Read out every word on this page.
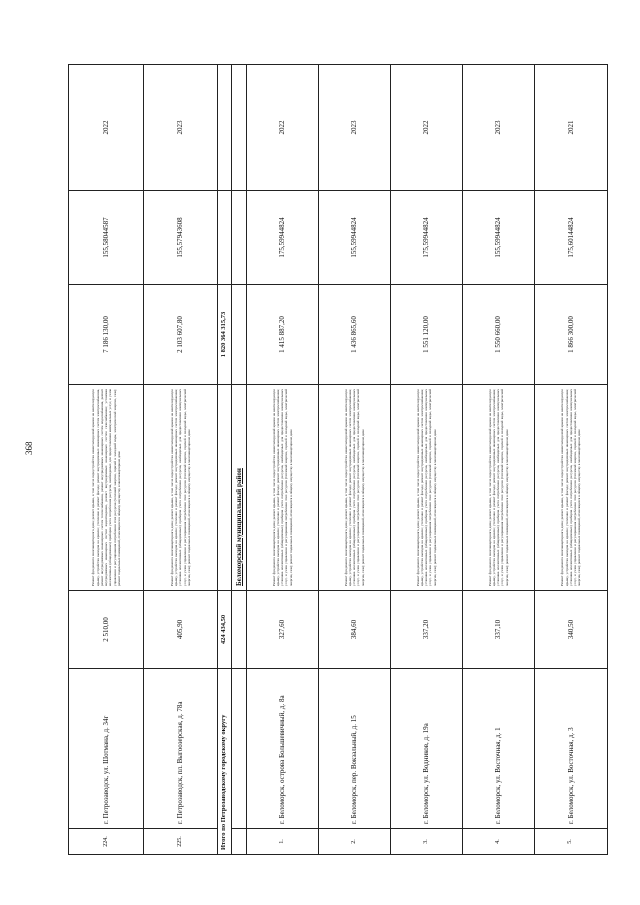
368
224.	г. Петрозаводск, ул. Шотмана, д. 34г	2 510,00	Ремонт фундамента многоквартирного дома; ремонт крыши, в том числе переустройство невентилируемой крыши на вентилируемую крышу, устройство выходов на кровлю; утепление и ремонт фасада; ремонт внутридомовых инженерных систем электроснабжения, ремонт внутридомовых инженерных систем теплоснабжения, ремонт внутридомовых инженерных систем водоснабжения, ремонт внутридомовых инженерных систем водоотведения, ремонт внутридомовых инженерных систем газоснабжения; установка коллективных (общедомовых) приборов учета потребления ресурсов, необходимых для предоставления коммунальных услуг, и узлов управления и регулирования потребления этих ресурсов (тепловой энергии, горячей и холодной воды, электрической энергии, газа); ремонт подвальных помещений, относящихся к общему имуществу в многоквартирном доме	7 186 130,00	155,58044587	2022
225.	г. Петрозаводск, пл. Выгоозерская, д. 78а	405,90	Ремонт фундамента многоквартирного дома; ремонт крыши, в том числе переустройство невентилируемой крыши на вентилируемую крышу, устройство выходов на кровлю; утепление и ремонт фасада; ремонт внутридомовых инженерных систем электроснабжения; установка коллективных (общедомовых) приборов учета потребления ресурсов, необходимых для предоставления коммунальных услуг, и узлов управления и регулирования потребления этих ресурсов (тепловой энергии, горячей и холодной воды, электрической энергии, газа); ремонт подвальных помещений, относящихся к общему имуществу в многоквартирном доме	2 103 607,80	155,57943608	2023
Итого по Петрозаводскому городскому округу		424 434,50		1 820 364 315,73		
			Беломорский муниципальный район			
1.	г. Беломорск, острова Большевичный, д. 8а	327,60	Ремонт фундамента многоквартирного дома; ремонт крыши, в том числе переустройство невентилируемой крыши на вентилируемую крышу, устройство выходов на кровлю; утепление и ремонт фасада; ремонт внутридомовых инженерных систем электроснабжения; установка коллективных (общедомовых) приборов учета потребления ресурсов, необходимых для предоставления коммунальных услуг, и узлов управления и регулирования потребления этих ресурсов (тепловой энергии, горячей и холодной воды, электрической энергии, газа); ремонт подвальных помещений, относящихся к общему имуществу в многоквартирном доме	1 415 887,20	175,59944824	2022
2.	г. Беломорск, пер. Вокзальный, д. 15	384,60	Ремонт фундамента многоквартирного дома; ремонт крыши, в том числе переустройство невентилируемой крыши на вентилируемую крышу, устройство выходов на кровлю; утепление и ремонт фасада; ремонт внутридомовых инженерных систем электроснабжения; установка коллективных (общедомовых) приборов учета потребления ресурсов, необходимых для предоставления коммунальных услуг, и узлов управления и регулирования потребления этих ресурсов (тепловой энергии, горячей и холодной воды, электрической энергии, газа); ремонт подвальных помещений, относящихся к общему имуществу в многоквартирном доме	1 436 865,60	155,59944824	2023
3.	г. Беломорск, ул. Водников, д. 19а	337,20	Ремонт фундамента многоквартирного дома; ремонт крыши, в том числе переустройство невентилируемой крыши на вентилируемую крышу, устройство выходов на кровлю; утепление и ремонт фасада; ремонт внутридомовых инженерных систем электроснабжения; установка коллективных (общедомовых) приборов учета потребления ресурсов, необходимых для предоставления коммунальных услуг, и узлов управления и регулирования потребления этих ресурсов (тепловой энергии, горячей и холодной воды, электрической энергии, газа); ремонт подвальных помещений, относящихся к общему имуществу в многоквартирном доме	1 551 120,00	175,59944824	2022
4.	г. Беломорск, ул. Восточная, д. 1	337,10	Ремонт фундамента многоквартирного дома; ремонт крыши, в том числе переустройство невентилируемой крыши на вентилируемую крышу, устройство выходов на кровлю; утепление и ремонт фасада; ремонт внутридомовых инженерных систем электроснабжения; установка коллективных (общедомовых) приборов учета потребления ресурсов, необходимых для предоставления коммунальных услуг, и узлов управления и регулирования потребления этих ресурсов (тепловой энергии, горячей и холодной воды, электрической энергии, газа); ремонт подвальных помещений, относящихся к общему имуществу в многоквартирном доме	1 550 660,00	155,59944824	2023
5.	г. Беломорск, ул. Восточная, д. 3	340,50	Ремонт фундамента многоквартирного дома; ремонт крыши, в том числе переустройство невентилируемой крыши на вентилируемую крышу, устройство выходов на кровлю; утепление и ремонт фасада; ремонт внутридомовых инженерных систем электроснабжения; установка коллективных (общедомовых) приборов учета потребления ресурсов, необходимых для предоставления коммунальных услуг, и узлов управления и регулирования потребления этих ресурсов (тепловой энергии, горячей и холодной воды, электрической энергии, газа); ремонт подвальных помещений, относящихся к общему имуществу в многоквартирном доме	1 866 300,00	175,60144824	2021
